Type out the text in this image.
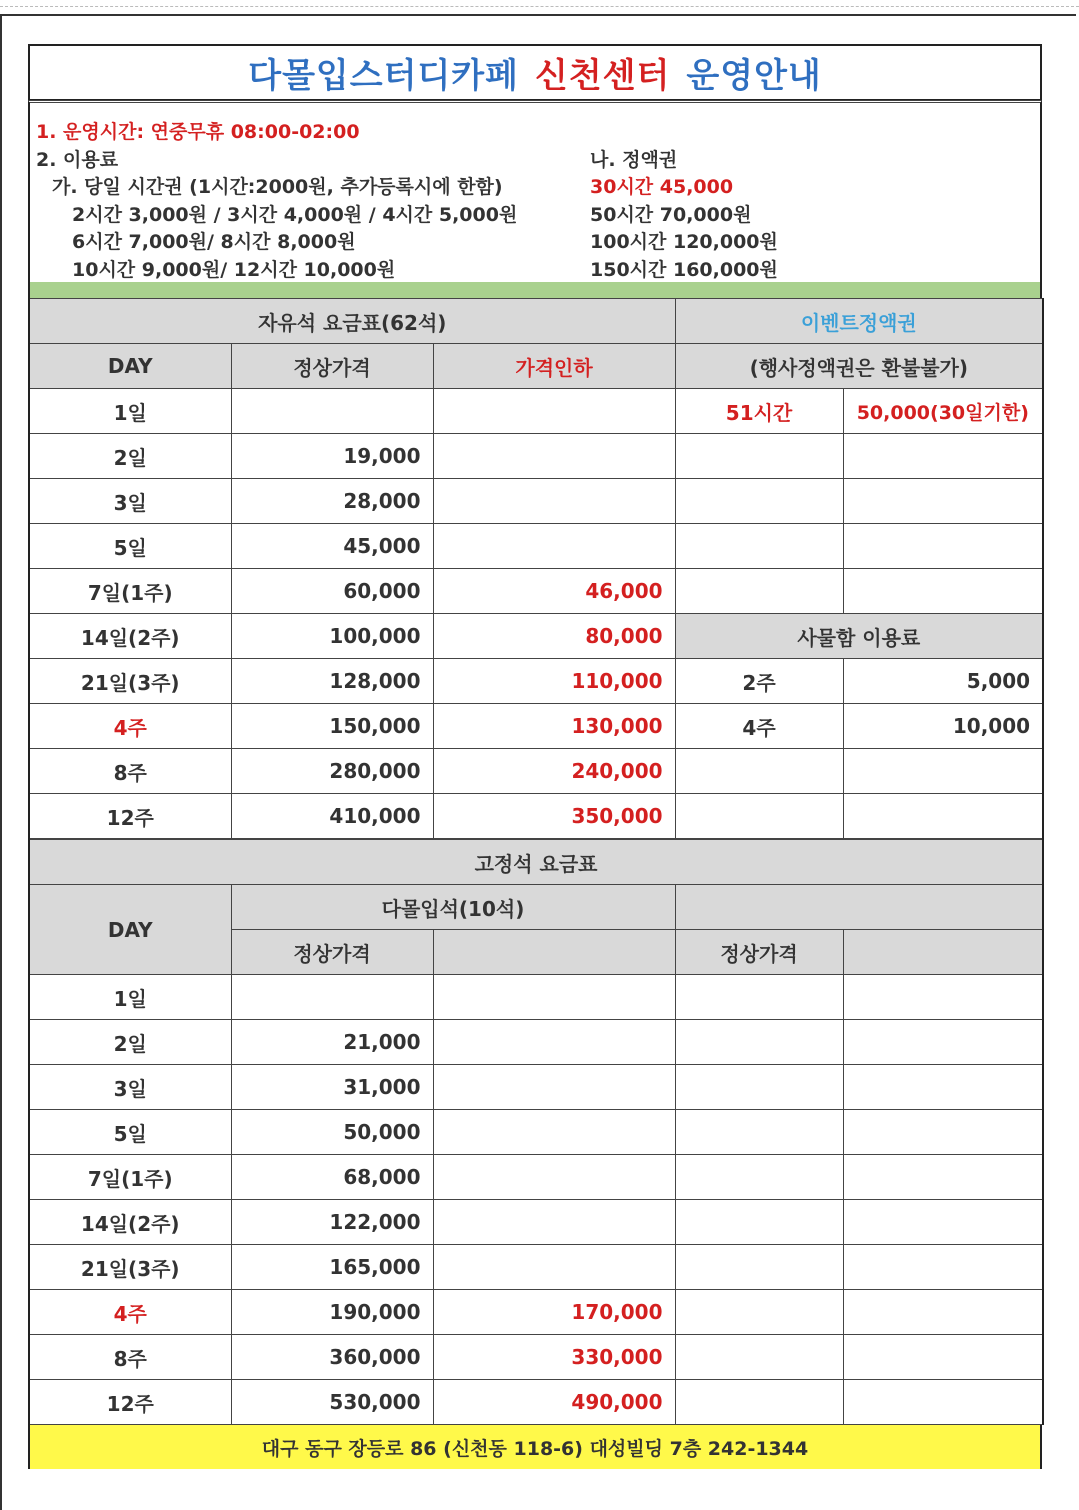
다몰입스터디카페 신천센터 운영안내
1. 운영시간: 연중무휴 08:00-02:00
2. 이용료
가. 당일 시간권 (1시간:2000원, 추가등록시에 한함)
2시간 3,000원 / 3시간 4,000원 / 4시간 5,000원
6시간 7,000원/ 8시간 8,000원
10시간 9,000원/ 12시간 10,000원
나. 정액권
30시간 45,000
50시간 70,000원
100시간 120,000원
150시간 160,000원
자유석 요금표(62석)			이벤트정액권	
DAY	정상가격	가격인하	(행사정액권은 환불불가)	
1일			51시간	50,000(30일기한)
2일	19,000			
3일	28,000			
5일	45,000			
7일(1주)	60,000	46,000		
14일(2주)	100,000	80,000	사물함 이용료	
21일(3주)	128,000	110,000	2주	5,000
4주	150,000	130,000	4주	10,000
8주	280,000	240,000		
12주	410,000	350,000		
고정석 요금표				
DAY	다몰입석(10석)			
	정상가격		정상가격	
1일				
2일	21,000			
3일	31,000			
5일	50,000			
7일(1주)	68,000			
14일(2주)	122,000			
21일(3주)	165,000			
4주	190,000	170,000		
8주	360,000	330,000		
12주	530,000	490,000		
대구 동구 장등로 86 (신천동 118-6) 대성빌딩 7층 242-1344
